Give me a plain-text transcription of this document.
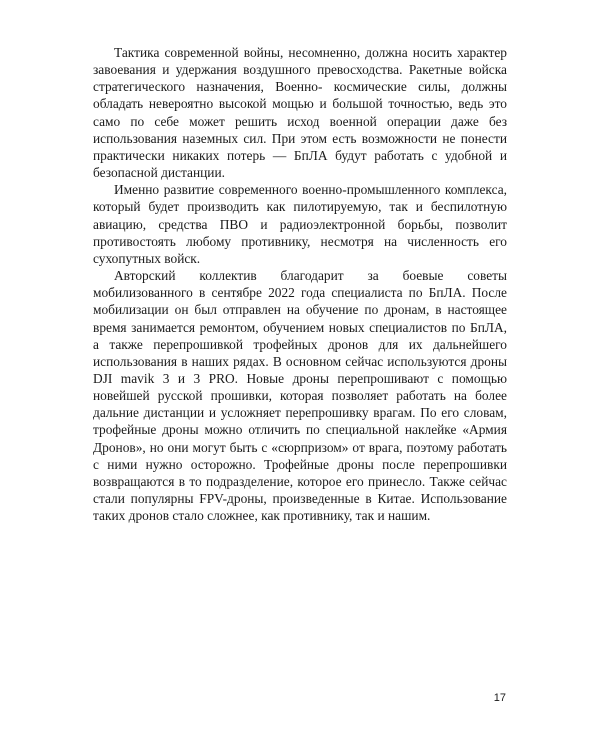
Тактика современной войны, несомненно, должна носить характер завоевания и удержания воздушного превосходства. Ракетные войска стратегического назначения, Военно- космические силы, должны обладать невероятно высокой мощью и большой точностью, ведь это само по себе может решить исход военной операции даже без использования наземных сил. При этом есть возможности не понести практически никаких потерь — БпЛА будут работать с удобной и безопасной дистанции.

Именно развитие современного военно-промышленного комплекса, который будет производить как пилотируемую, так и беспилотную авиацию, средства ПВО и радиоэлектронной борьбы, позволит противостоять любому противнику, несмотря на численность его сухопутных войск.

Авторский коллектив благодарит за боевые советы мобилизованного в сентябре 2022 года специалиста по БпЛА. После мобилизации он был отправлен на обучение по дронам, в настоящее время занимается ремонтом, обучением новых специалистов по БпЛА, а также перепрошивкой трофейных дронов для их дальнейшего использования в наших рядах. В основном сейчас используются дроны DJI mavik 3 и 3 PRO. Новые дроны перепрошивают с помощью новейшей русской прошивки, которая позволяет работать на более дальние дистанции и усложняет перепрошивку врагам. По его словам, трофейные дроны можно отличить по специальной наклейке «Армия Дронов», но они могут быть с «сюрпризом» от врага, поэтому работать с ними нужно осторожно. Трофейные дроны после перепрошивки возвращаются в то подразделение, которое его принесло. Также сейчас стали популярны FPV-дроны, произведенные в Китае. Использование таких дронов стало сложнее, как противнику, так и нашим.

17
